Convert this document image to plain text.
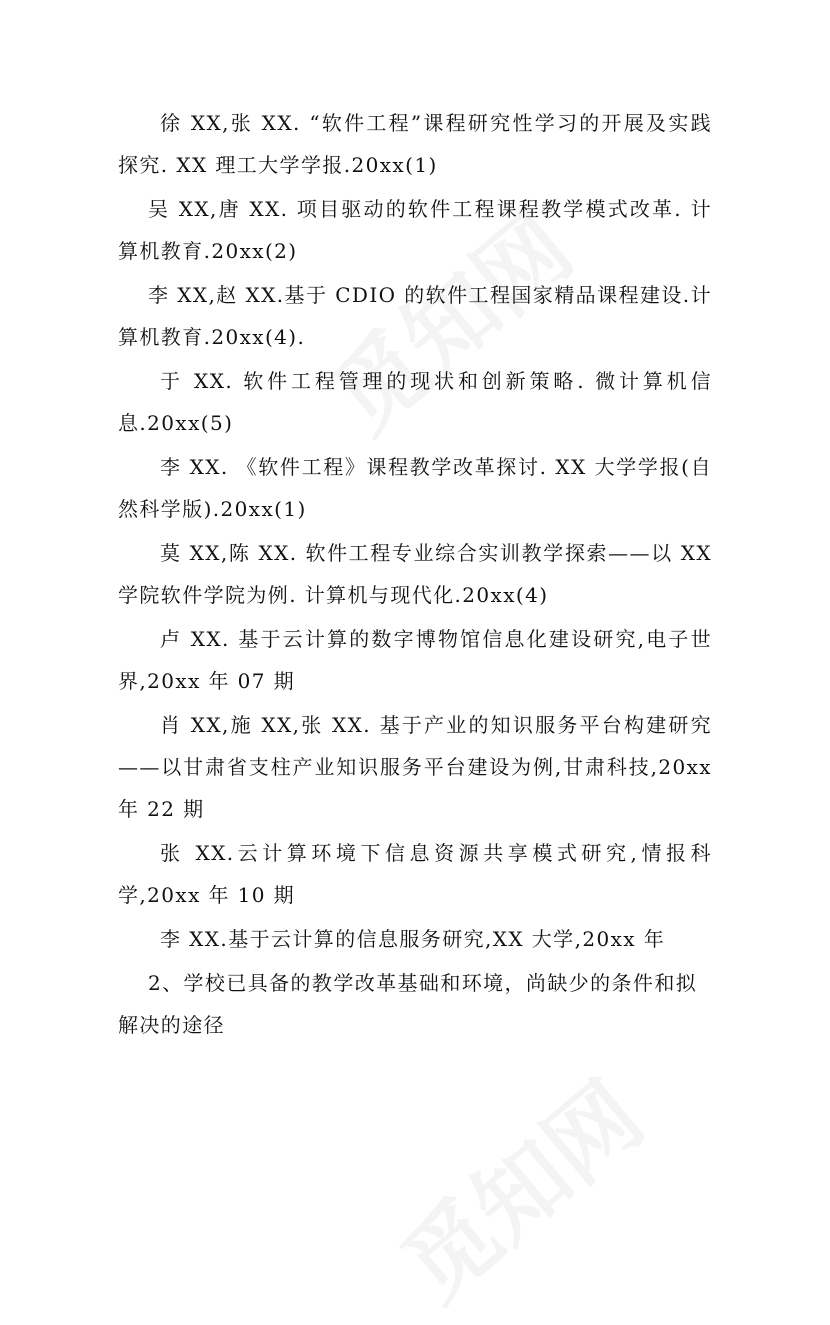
徐 XX,张 XX. “软件工程”课程研究性学习的开展及实践探究. XX 理工大学学报.20xx(1)

吴 XX,唐 XX. 项目驱动的软件工程课程教学模式改革. 计算机教育.20xx(2)

李 XX,赵 XX.基于 CDIO 的软件工程国家精品课程建设.计算机教育.20xx(4).

于 XX. 软件工程管理的现状和创新策略. 微计算机信息.20xx(5)

李 XX. 《软件工程》课程教学改革探讨. XX 大学学报(自然科学版).20xx(1)

莫 XX,陈 XX. 软件工程专业综合实训教学探索——以 XX 学院软件学院为例. 计算机与现代化.20xx(4)

卢 XX. 基于云计算的数字博物馆信息化建设研究,电子世界,20xx 年 07 期

肖 XX,施 XX,张 XX. 基于产业的知识服务平台构建研究——以甘肃省支柱产业知识服务平台建设为例,甘肃科技,20xx 年 22 期

张 XX.云计算环境下信息资源共享模式研究,情报科学,20xx 年 10 期

李 XX.基于云计算的信息服务研究,XX 大学,20xx 年

2、学校已具备的教学改革基础和环境，尚缺少的条件和拟解决的途径
